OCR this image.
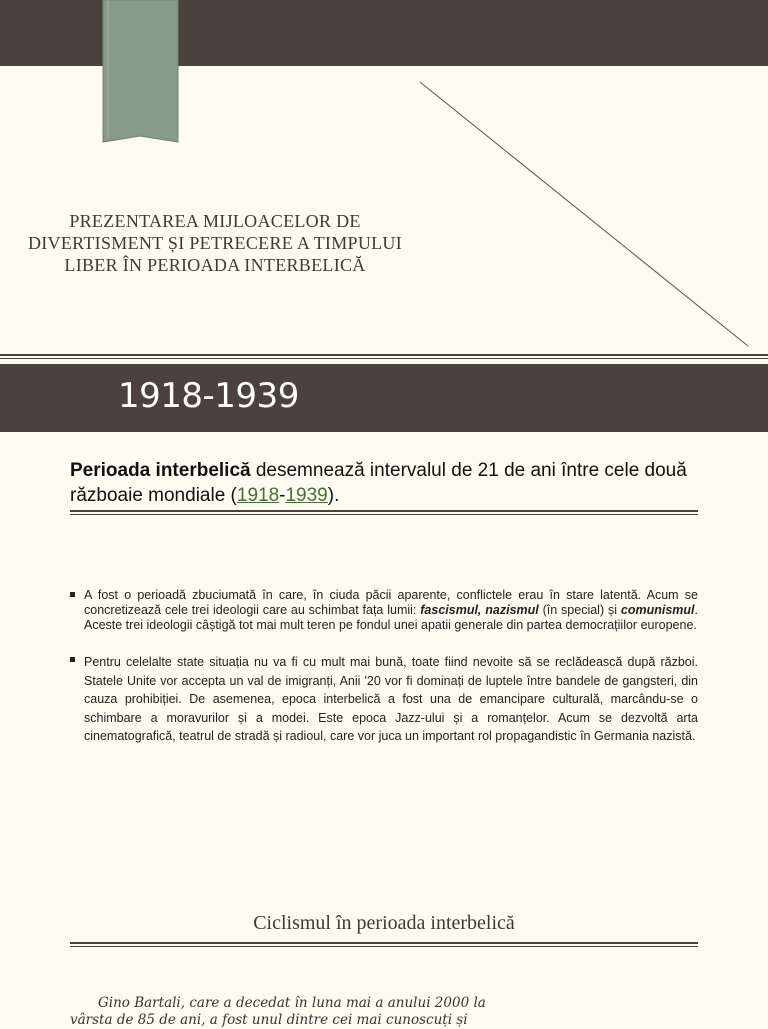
PREZENTAREA MIJLOACELOR DE
DIVERTISMENT ȘI PETRECERE A TIMPULUI
LIBER ÎN PERIOADA INTERBELICĂ
1918-1939
Perioada interbelică desemnează intervalul de 21 de ani între cele două războaie mondiale (1918-1939).
A fost o perioadă zbuciumată în care, în ciuda păcii aparente, conflictele erau în stare latentă. Acum se concretizează cele trei ideologii care au schimbat fața lumii: fascismul, nazismul (în special) și comunismul. Aceste trei ideologii câștigă tot mai mult teren pe fondul unei apatii generale din partea democrațiilor europene.
Pentru celelalte state situația nu va fi cu mult mai bună, toate fiind nevoite să se reclădească după război. Statele Unite vor accepta un val de imigranți, Anii '20 vor fi dominați de luptele între bandele de gangsteri, din cauza prohibiției. De asemenea, epoca interbelică a fost una de emancipare culturală, marcându-se o schimbare a moravurilor și a modei. Este epoca Jazz-ului și a romanțelor. Acum se dezvoltă arta cinematografică, teatrul de stradă și radioul, care vor juca un important rol propagandistic în Germania nazistă.
Ciclismul în perioada interbelică
Gino Bartali, care a decedat în luna mai a anului 2000 la
vârsta de 85 de ani, a fost unul dintre cei mai cunoscuți și
